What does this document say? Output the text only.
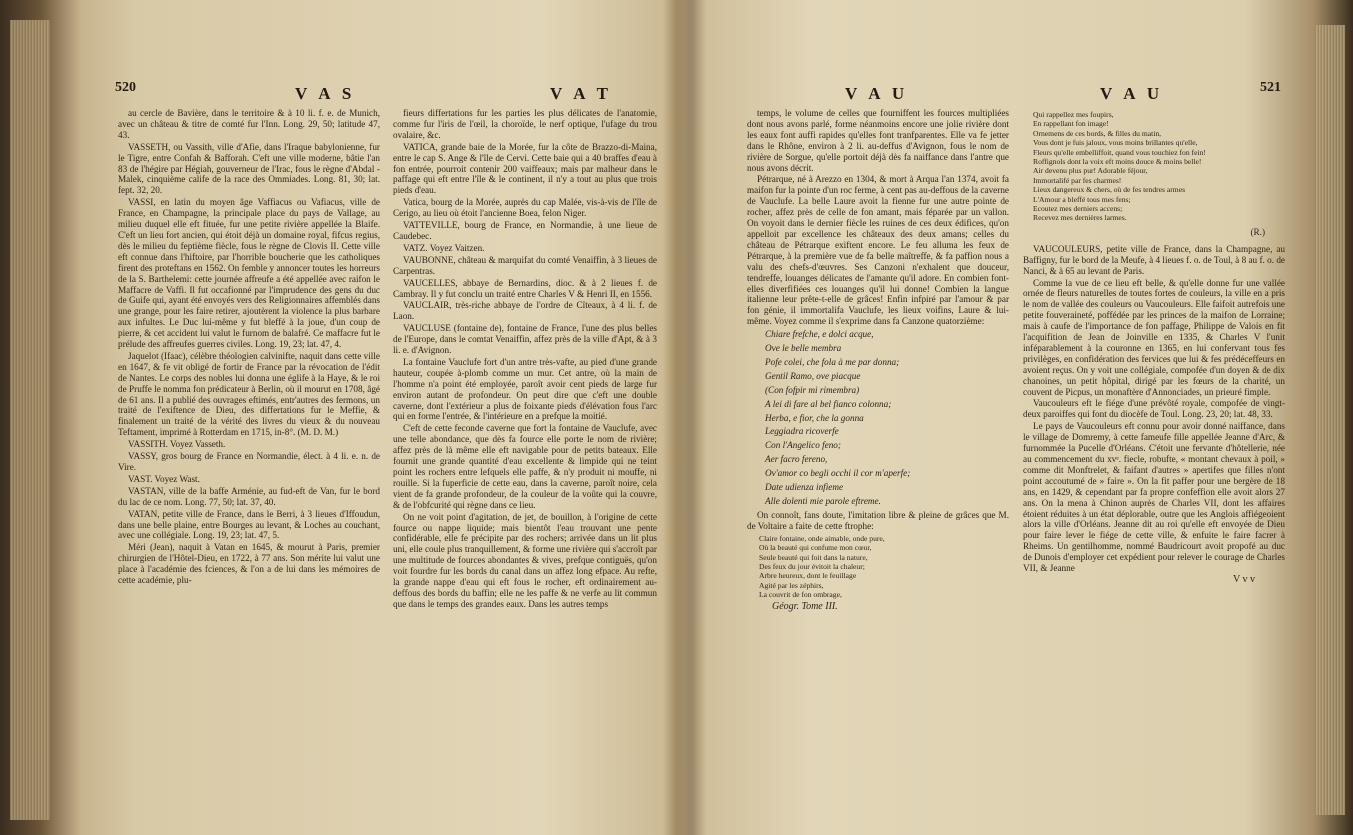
520	V A S	V A T

au cercle de Bavière, dans le territoire & à 10 li. f. e. de Munich, avec un château & titre de comté fur l'Inn. Long. 29, 50; latitude 47, 43.

VASSETH, ou Vassith, ville d'Afie, dans l'Iraque babylonienne, fur le Tigre, entre Confah & Bafforah. C'eft une ville moderne, bâtie l'an 83 de l'hégire par Hégiah, gouverneur de l'Irac, fous le règne d'Abdal - Malek, cinquième calife de la race des Ommiades. Long. 81, 30; lat. fept. 32, 20.

VASSI, en latin du moyen âge Vaffiacus ou Vafiacus, ville de France, en Champagne, la principale place du pays de Vallage, au milieu duquel elle eft fituée, fur une petite rivière appellée la Blaife. C'eft un lieu fort ancien, qui étoit déjà un domaine royal, fifcus regius, dès le milieu du feptième fiècle, fous le règne de Clovis II. Cette ville eft connue dans l'hiftoire, par l'horrible boucherie que les catholiques firent des proteftans en 1562. On femble y annoncer toutes les horreurs de la S. Barthelemi: cette journée affreufe a été appellée avec raifon le Maffacre de Vaffi. Il fut occafionné par l'imprudence des gens du duc de Guife qui, ayant été envoyés vers des Religionnaires affemblés dans une grange, pour les faire retirer, ajoutèrent la violence la plus barbare aux infultes. Le Duc lui-même y fut bleffé à la joue, d'un coup de pierre, & cet accident lui valut le furnom de balafré. Ce maffacre fut le prélude des affreufes guerres civiles. Long. 19, 23; lat. 47, 4.

Jaquelot (Ifaac), célèbre théologien calvinifte, naquit dans cette ville en 1647, & fe vit obligé de fortir de France par la révocation de l'édit de Nantes. Le corps des nobles lui donna une églife à la Haye, & le roi de Pruffe le nomma fon prédicateur à Berlin, où il mourut en 1708, âgé de 61 ans. Il a publié des ouvrages eftimés, entr'autres des fermons, un traité de l'exiftence de Dieu, des differtations fur le Meffie, & finalement un traité de la vérité des livres du vieux & du nouveau Teftament, imprimé à Rotterdam en 1715, in-8°. (M. D. M.)

VASSITH. Voyez Vasseth.

VASSY, gros bourg de France en Normandie, élect. à 4 li. e. n. de Vire.

VAST. Voyez Wast.

VASTAN, ville de la baffe Arménie, au fud-eft de Van, fur le bord du lac de ce nom. Long. 77, 50; lat. 37, 40.

VATAN, petite ville de France, dans le Berri, à 3 lieues d'Iffoudun, dans une belle plaine, entre Bourges au levant, & Loches au couchant, avec une collégiale. Long. 19, 23; lat. 47, 5.

Méri (Jean), naquit à Vatan en 1645, & mourut à Paris, premier chirurgien de l'Hôtel-Dieu, en 1722, à 77 ans. Son mérite lui valut une place à l'académie des fciences, & l'on a de lui dans les mémoires de cette académie, plu-

fieurs differtations fur les parties les plus délicates de l'anatomie, comme fur l'iris de l'œil, la choroïde, le nerf optique, l'ufage du trou ovalaire, &c.

VATICA, grande baie de la Morée, fur la côte de Brazzo-di-Maina, entre le cap S. Ange & l'île de Cervi. Cette baie qui a 40 braffes d'eau à fon entrée, pourroit contenir 200 vaiffeaux; mais par malheur dans le paffage qui eft entre l'île & le continent, il n'y a tout au plus que trois pieds d'eau.

Vatica, bourg de la Morée, auprès du cap Malée, vis-à-vis de l'île de Cerigo, au lieu où étoit l'ancienne Boea, felon Niger.

VATTEVILLE, bourg de France, en Normandie, à une lieue de Caudebec.

VATZ. Voyez Vaitzen.

VAUBONNE, château & marquifat du comté Venaiffin, à 3 lieues de Carpentras.

VAUCELLES, abbaye de Bernardins, dioc. & à 2 lieues f. de Cambray. Il y fut conclu un traité entre Charles V & Henri II, en 1556.

VAUCLAIR, très-riche abbaye de l'ordre de Cîteaux, à 4 li. f. de Laon.

VAUCLUSE (fontaine de), fontaine de France, l'une des plus belles de l'Europe, dans le comtat Venaiffin, affez près de la ville d'Apt, & à 3 li. e. d'Avignon.

La fontaine Vauclufe fort d'un antre très-vafte, au pied d'une grande hauteur, coupée à-plomb comme un mur. Cet antre, où la main de l'homme n'a point été employée, paroît avoir cent pieds de large fur environ autant de profondeur. On peut dire que c'eft une double caverne, dont l'extérieur a plus de foixante pieds d'élévation fous l'arc qui en forme l'entrée, & l'intérieure en a prefque la moitié.

C'eft de cette feconde caverne que fort la fontaine de Vauclufe, avec une telle abondance, que dès fa fource elle porte le nom de rivière; affez près de là même elle eft navigable pour de petits bateaux. Elle fournit une grande quantité d'eau excellente & limpide qui ne teint point les rochers entre lefquels elle paffe, & n'y produit ni mouffe, ni rouille. Si la fuperficie de cette eau, dans la caverne, paroît noire, cela vient de fa grande profondeur, de la couleur de la voûte qui la couvre, & de l'obfcurité qui règne dans ce lieu.

On ne voit point d'agitation, de jet, de bouillon, à l'origine de cette fource ou nappe liquide; mais bientôt l'eau trouvant une pente confidérable, elle fe précipite par des rochers; arrivée dans un lit plus uni, elle coule plus tranquillement, & forme une rivière qui s'accroît par une multitude de fources abondantes & vives, prefque contiguës, qu'on voit fourdre fur les bords du canal dans un affez long efpace. Au refte, la grande nappe d'eau qui eft fous le rocher, eft ordinairement au-deffous des bords du baffin; elle ne les paffe & ne verfe au lit commun que dans le temps des grandes eaux. Dans les autres temps

V A U	V A U	521

temps, le volume de celles que fourniffent les fources multipliées dont nous avons parlé, forme néanmoins encore une jolie rivière dont les eaux font auffi rapides qu'elles font tranfparentes. Elle va fe jetter dans le Rhône, environ à 2 li. au-deffus d'Avignon, fous le nom de rivière de Sorgue, qu'elle portoit déjà dès fa naiffance dans l'antre que nous avons décrit.

Pétrarque, né à Arezzo en 1304, & mort à Arqua l'an 1374, avoit fa maifon fur la pointe d'un roc ferme, à cent pas au-deffous de la caverne de Vauclufe. La belle Laure avoit la fienne fur une autre pointe de rocher, affez près de celle de fon amant, mais féparée par un vallon. On voyoit dans le dernier fiècle les ruines de ces deux édifices, qu'on appelloit par excellence les châteaux des deux amans; celles du château de Pétrarque exiftent encore. Le feu alluma les feux de Pétrarque, à la première vue de fa belle maîtreffe, & fa paffion nous a valu des chefs-d'œuvres. Ses Canzoni n'exhalent que douceur, tendreffe, louanges délicates de l'amante qu'il adore. En combien font-elles diverfifiées ces louanges qu'il lui donne! Combien la langue italienne leur prête-t-elle de grâces! Enfin infpiré par l'amour & par fon génie, il immortalifa Vauclufe, les lieux voifins, Laure & lui-même. Voyez comme il s'exprime dans fa Canzone quatorzième:

Chiare frefche, e dolci acque,
Ove le belle membra
Pofe colei, che fola à me par donna;
Gentil Ramo, ove piacque
(Con fofpir mi rimembra)
A lei di fare al bel fianco colonna;
Herba, e fior, che la gonna
Leggiadra ricoverfe
Con l'Angelico feno;
Aer facro fereno,
Ov'amor co begli occhi il cor m'aperfe;
Date udienza infieme
Alle dolenti mie parole eftreme.

On connoît, fans doute, l'imitation libre & pleine de grâces que M. de Voltaire a faite de cette ftrophe:

Claire fontaine, onde aimable, onde pure,
Où la beauté qui confume mon cœur,
Seule beauté qui foit dans la nature,
Des feux du jour évitoit la chaleur;
Arbre heureux, dont le feuillage
Agité par les zéphirs,
La couvrit de fon ombrage,
Géogr. Tome III.
Qui rappellez mes foupirs,
En rappellant fon image!
Ornemens de ces bords, & filles du matin,
Vous dont je fuis jaloux, vous moins brillantes qu'elle,
Fleurs qu'elle embelliffoit, quand vous touchiez fon fein!
Roffignols dont la voix eft moins douce & moins belle!
Air devenu plus pur! Adorable féjour,
Immortalifé par fes charmes!
Lieux dangereux & chers, où de fes tendres armes
L'Amour a bleffé tous mes fens;
Ecoutez mes derniers accens;
Recevez mes dernières larmes.
(R.)

VAUCOULEURS, petite ville de France, dans la Champagne, au Baffigny, fur le bord de la Meufe, à 4 lieues f. o. de Toul, à 8 au f. o. de Nanci, & à 65 au levant de Paris.

Comme la vue de ce lieu eft belle, & qu'elle donne fur une vallée ornée de fleurs naturelles de toutes fortes de couleurs, la ville en a pris le nom de vallée des couleurs ou Vaucouleurs. Elle faifoit autrefois une petite fouveraineté, poffédée par les princes de la maifon de Lorraine; mais à caufe de l'importance de fon paffage, Philippe de Valois en fit l'acquifition de Jean de Joinville en 1335, & Charles V l'unit inféparablement à la couronne en 1365, en lui confervant tous fes privilèges, en confidération des fervices que lui & fes prédéceffeurs en avoient reçus. On y voit une collégiale, compofée d'un doyen & de dix chanoines, un petit hôpital, dirigé par les fœurs de la charité, un couvent de Picpus, un monaftère d'Annonciades, un prieuré fimple.

Vaucouleurs eft le fiége d'une prévôté royale, compofée de vingt-deux paroiffes qui font du diocèfe de Toul. Long. 23, 20; lat. 48, 33.

Le pays de Vaucouleurs eft connu pour avoir donné naiffance, dans le village de Domremy, à cette fameufe fille appellée Jeanne d'Arc, & furnommée la Pucelle d'Orléans. C'étoit une fervante d'hôtellerie, née au commencement du xvᵉ. fiecle, robufte, « montant chevaux à poil, » comme dit Monftrelet, & faifant d'autres » apertifes que filles n'ont point accoutumé de » faire ». On la fit paffer pour une bergère de 18 ans, en 1429, & cependant par fa propre confeffion elle avoit alors 27 ans. On la mena à Chinon auprès de Charles VII, dont les affaires étoient réduites à un état déplorable, outre que les Anglois affiégeoient alors la ville d'Orléans. Jeanne dit au roi qu'elle eft envoyée de Dieu pour faire lever le fiége de cette ville, & enfuite le faire facrer à Rheims. Un gentilhomme, nommé Baudricourt avoit propofé au duc de Dunois d'employer cet expédient pour relever le courage de Charles VII, & Jeanne

V v v
